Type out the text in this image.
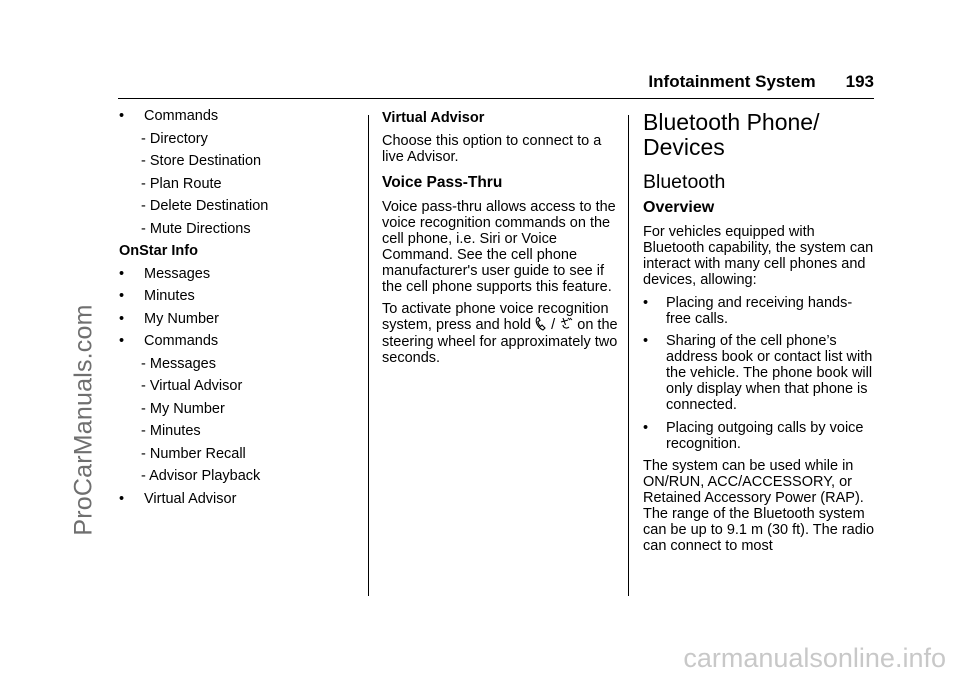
ProCarManuals.com
carmanualsonline.info
Infotainment System 193
•	Commands
- Directory
- Store Destination
- Plan Route
- Delete Destination
- Mute Directions
OnStar Info
•	Messages
•	Minutes
•	My Number
•	Commands
- Messages
- Virtual Advisor
- My Number
- Minutes
- Number Recall
- Advisor Playback
•	Virtual Advisor
Virtual Advisor

Choose this option to connect to a live Advisor.

Voice Pass-Thru

Voice pass-thru allows access to the voice recognition commands on the cell phone, i.e. Siri or Voice Command. See the cell phone manufacturer's user guide to see if the cell phone supports this feature.

To activate phone voice recognition system, press and hold / on the steering wheel for approximately two seconds.

Bluetooth Phone/ Devices
Bluetooth
Overview

For vehicles equipped with Bluetooth capability, the system can interact with many cell phones and devices, allowing:

•	Placing and receiving hands-free calls.
•	Sharing of the cell phone’s address book or contact list with the vehicle. The phone book will only display when that phone is connected.
•	Placing outgoing calls by voice recognition.

The system can be used while in ON/RUN, ACC/ACCESSORY, or Retained Accessory Power (RAP). The range of the Bluetooth system can be up to 9.1 m (30 ft). The radio can connect to most
